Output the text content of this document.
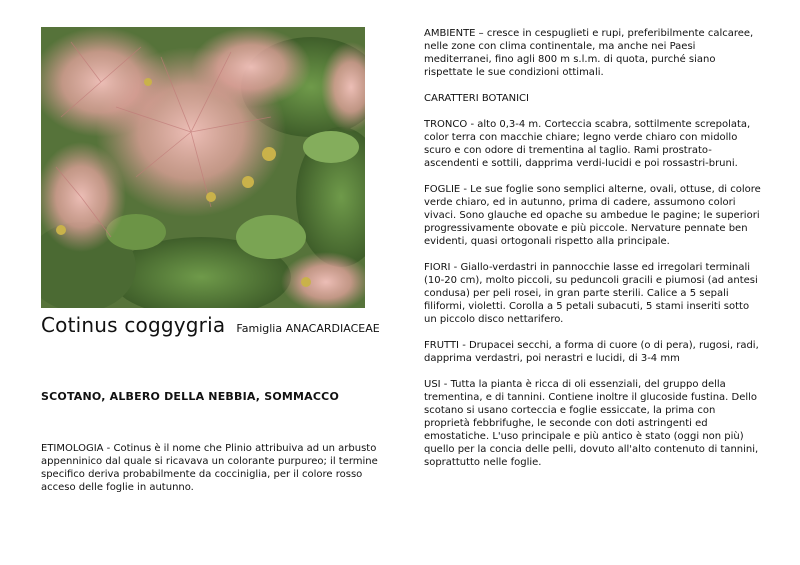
Cotinus coggygria Famiglia ANACARDIACEAE
SCOTANO, ALBERO DELLA NEBBIA, SOMMACCO
ETIMOLOGIA - Cotinus è il nome che Plinio attribuiva ad un arbusto appenninico dal quale si ricavava un colorante purpureo; il termine specifico deriva probabilmente da cocciniglia, per il colore rosso acceso delle foglie in autunno.

AMBIENTE – cresce in cespuglieti e rupi, preferibilmente calcaree, nelle zone con clima continentale, ma anche nei Paesi mediterranei, fino agli 800 m s.l.m. di quota, purché siano rispettate le sue condizioni ottimali.

CARATTERI BOTANICI

TRONCO - alto 0,3-4 m. Corteccia scabra, sottilmente screpolata, color terra con macchie chiare; legno verde chiaro con midollo scuro e con odore di trementina al taglio. Rami prostrato-ascendenti e sottili, dapprima verdi-lucidi e poi rossastri-bruni.

FOGLIE - Le sue foglie sono semplici alterne, ovali, ottuse, di colore verde chiaro, ed in autunno, prima di cadere, assumono colori vivaci. Sono glauche ed opache su ambedue le pagine; le superiori progressivamente obovate e più piccole. Nervature pennate ben evidenti, quasi ortogonali rispetto alla principale.

FIORI - Giallo-verdastri in pannocchie lasse ed irregolari terminali (10-20 cm), molto piccoli, su peduncoli gracili e piumosi (ad antesi condusa) per peli rosei, in gran parte sterili. Calice a 5 sepali filiformi, violetti. Corolla a 5 petali subacuti, 5 stami inseriti sotto un piccolo disco nettarifero.

FRUTTI - Drupacei secchi, a forma di cuore (o di pera), rugosi, radi, dapprima verdastri, poi nerastri e lucidi, di 3-4 mm

USI - Tutta la pianta è ricca di oli essenziali, del gruppo della trementina, e di tannini. Contiene inoltre il glucoside fustina. Dello scotano si usano corteccia e foglie essiccate, la prima con proprietà febbrifughe, le seconde con doti astringenti ed emostatiche. L'uso principale e più antico è stato (oggi non più) quello per la concia delle pelli, dovuto all'alto contenuto di tannini, soprattutto nelle foglie.
